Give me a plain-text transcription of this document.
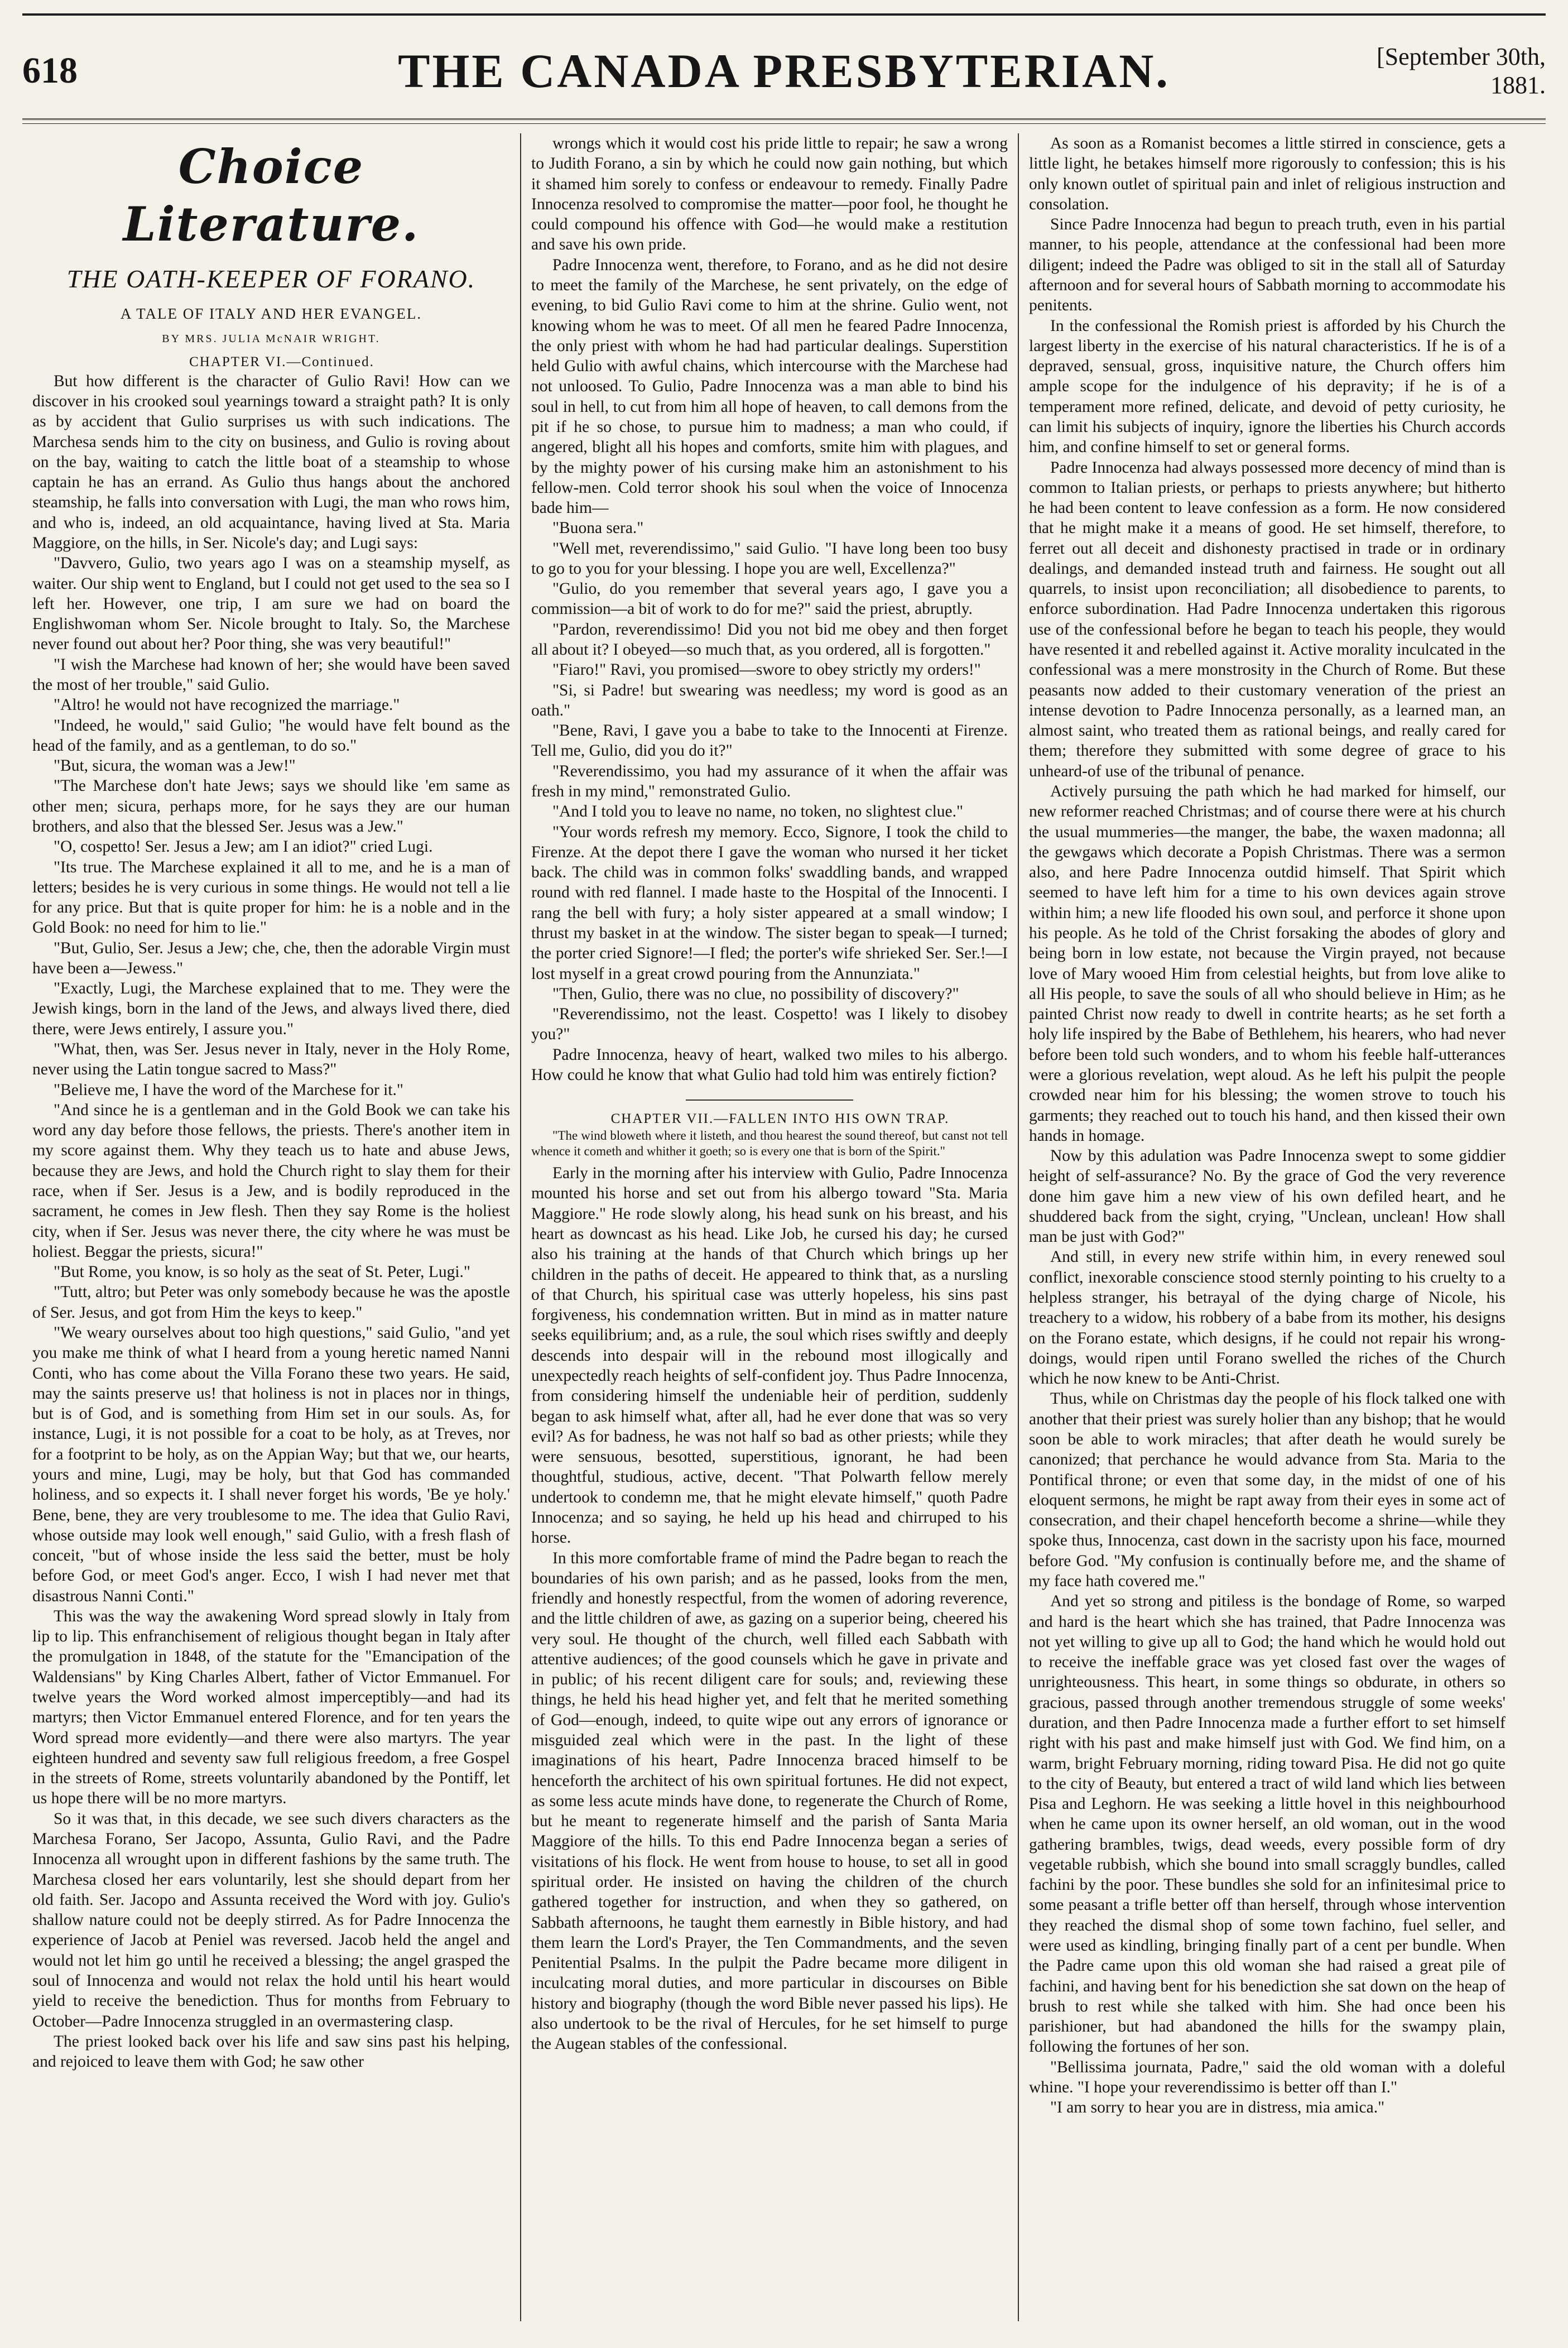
618	THE CANADA PRESBYTERIAN.	[September 30th, 1881.
Choice Literature.
THE OATH-KEEPER OF FORANO.
A TALE OF ITALY AND HER EVANGEL.
BY MRS. JULIA McNAIR WRIGHT.

CHAPTER VI.—Continued.

But how different is the character of Gulio Ravi! How can we discover in his crooked soul yearnings toward a straight path? It is only as by accident that Gulio surprises us with such indications. The Marchesa sends him to the city on business, and Gulio is roving about on the bay, waiting to catch the little boat of a steamship to whose captain he has an errand. As Gulio thus hangs about the anchored steamship, he falls into conversation with Lugi, the man who rows him, and who is, indeed, an old acquaintance, having lived at Sta. Maria Maggiore, on the hills, in Ser. Nicole's day; and Lugi says:

"Davvero, Gulio, two years ago I was on a steamship myself, as waiter. Our ship went to England, but I could not get used to the sea so I left her. However, one trip, I am sure we had on board the Englishwoman whom Ser. Nicole brought to Italy. So, the Marchese never found out about her? Poor thing, she was very beautiful!"

"I wish the Marchese had known of her; she would have been saved the most of her trouble," said Gulio.

"Altro! he would not have recognized the marriage."

"Indeed, he would," said Gulio; "he would have felt bound as the head of the family, and as a gentleman, to do so."

"But, sicura, the woman was a Jew!"

"The Marchese don't hate Jews; says we should like 'em same as other men; sicura, perhaps more, for he says they are our human brothers, and also that the blessed Ser. Jesus was a Jew."

"O, cospetto! Ser. Jesus a Jew; am I an idiot?" cried Lugi.

"Its true. The Marchese explained it all to me, and he is a man of letters; besides he is very curious in some things. He would not tell a lie for any price. But that is quite proper for him: he is a noble and in the Gold Book: no need for him to lie."

"But, Gulio, Ser. Jesus a Jew; che, che, then the adorable Virgin must have been a—Jewess."

"Exactly, Lugi, the Marchese explained that to me. They were the Jewish kings, born in the land of the Jews, and always lived there, died there, were Jews entirely, I assure you."

"What, then, was Ser. Jesus never in Italy, never in the Holy Rome, never using the Latin tongue sacred to Mass?"

"Believe me, I have the word of the Marchese for it."

"And since he is a gentleman and in the Gold Book we can take his word any day before those fellows, the priests. There's another item in my score against them. Why they teach us to hate and abuse Jews, because they are Jews, and hold the Church right to slay them for their race, when if Ser. Jesus is a Jew, and is bodily reproduced in the sacrament, he comes in Jew flesh. Then they say Rome is the holiest city, when if Ser. Jesus was never there, the city where he was must be holiest. Beggar the priests, sicura!"

"But Rome, you know, is so holy as the seat of St. Peter, Lugi."

"Tutt, altro; but Peter was only somebody because he was the apostle of Ser. Jesus, and got from Him the keys to keep."

"We weary ourselves about too high questions," said Gulio, "and yet you make me think of what I heard from a young heretic named Nanni Conti, who has come about the Villa Forano these two years. He said, may the saints preserve us! that holiness is not in places nor in things, but is of God, and is something from Him set in our souls. As, for instance, Lugi, it is not possible for a coat to be holy, as at Treves, nor for a footprint to be holy, as on the Appian Way; but that we, our hearts, yours and mine, Lugi, may be holy, but that God has commanded holiness, and so expects it. I shall never forget his words, 'Be ye holy.' Bene, bene, they are very troublesome to me. The idea that Gulio Ravi, whose outside may look well enough," said Gulio, with a fresh flash of conceit, "but of whose inside the less said the better, must be holy before God, or meet God's anger. Ecco, I wish I had never met that disastrous Nanni Conti."

This was the way the awakening Word spread slowly in Italy from lip to lip. This enfranchisement of religious thought began in Italy after the promulgation in 1848, of the statute for the "Emancipation of the Waldensians" by King Charles Albert, father of Victor Emmanuel. For twelve years the Word worked almost imperceptibly—and had its martyrs; then Victor Emmanuel entered Florence, and for ten years the Word spread more evidently—and there were also martyrs. The year eighteen hundred and seventy saw full religious freedom, a free Gospel in the streets of Rome, streets voluntarily abandoned by the Pontiff, let us hope there will be no more martyrs.

So it was that, in this decade, we see such divers characters as the Marchesa Forano, Ser Jacopo, Assunta, Gulio Ravi, and the Padre Innocenza all wrought upon in different fashions by the same truth. The Marchesa closed her ears voluntarily, lest she should depart from her old faith. Ser. Jacopo and Assunta received the Word with joy. Gulio's shallow nature could not be deeply stirred. As for Padre Innocenza the experience of Jacob at Peniel was reversed. Jacob held the angel and would not let him go until he received a blessing; the angel grasped the soul of Innocenza and would not relax the hold until his heart would yield to receive the benediction. Thus for months from February to October—Padre Innocenza struggled in an overmastering clasp.

The priest looked back over his life and saw sins past his helping, and rejoiced to leave them with God; he saw other

wrongs which it would cost his pride little to repair; he saw a wrong to Judith Forano, a sin by which he could now gain nothing, but which it shamed him sorely to confess or endeavour to remedy. Finally Padre Innocenza resolved to compromise the matter—poor fool, he thought he could compound his offence with God—he would make a restitution and save his own pride.

Padre Innocenza went, therefore, to Forano, and as he did not desire to meet the family of the Marchese, he sent privately, on the edge of evening, to bid Gulio Ravi come to him at the shrine. Gulio went, not knowing whom he was to meet. Of all men he feared Padre Innocenza, the only priest with whom he had had particular dealings. Superstition held Gulio with awful chains, which intercourse with the Marchese had not unloosed. To Gulio, Padre Innocenza was a man able to bind his soul in hell, to cut from him all hope of heaven, to call demons from the pit if he so chose, to pursue him to madness; a man who could, if angered, blight all his hopes and comforts, smite him with plagues, and by the mighty power of his cursing make him an astonishment to his fellow-men. Cold terror shook his soul when the voice of Innocenza bade him—

"Buona sera."

"Well met, reverendissimo," said Gulio. "I have long been too busy to go to you for your blessing. I hope you are well, Excellenza?"

"Gulio, do you remember that several years ago, I gave you a commission—a bit of work to do for me?" said the priest, abruptly.

"Pardon, reverendissimo! Did you not bid me obey and then forget all about it? I obeyed—so much that, as you ordered, all is forgotten."

"Fiaro!" Ravi, you promised—swore to obey strictly my orders!"

"Si, si Padre! but swearing was needless; my word is good as an oath."

"Bene, Ravi, I gave you a babe to take to the Innocenti at Firenze. Tell me, Gulio, did you do it?"

"Reverendissimo, you had my assurance of it when the affair was fresh in my mind," remonstrated Gulio.

"And I told you to leave no name, no token, no slightest clue."

"Your words refresh my memory. Ecco, Signore, I took the child to Firenze. At the depot there I gave the woman who nursed it her ticket back. The child was in common folks' swaddling bands, and wrapped round with red flannel. I made haste to the Hospital of the Innocenti. I rang the bell with fury; a holy sister appeared at a small window; I thrust my basket in at the window. The sister began to speak—I turned; the porter cried Signore!—I fled; the porter's wife shrieked Ser. Ser.!—I lost myself in a great crowd pouring from the Annunziata."

"Then, Gulio, there was no clue, no possibility of discovery?"

"Reverendissimo, not the least. Cospetto! was I likely to disobey you?"

Padre Innocenza, heavy of heart, walked two miles to his albergo. How could he know that what Gulio had told him was entirely fiction?

CHAPTER VII.—FALLEN INTO HIS OWN TRAP.

"The wind bloweth where it listeth, and thou hearest the sound thereof, but canst not tell whence it cometh and whither it goeth; so is every one that is born of the Spirit."

Early in the morning after his interview with Gulio, Padre Innocenza mounted his horse and set out from his albergo toward "Sta. Maria Maggiore." He rode slowly along, his head sunk on his breast, and his heart as downcast as his head. Like Job, he cursed his day; he cursed also his training at the hands of that Church which brings up her children in the paths of deceit. He appeared to think that, as a nursling of that Church, his spiritual case was utterly hopeless, his sins past forgiveness, his condemnation written. But in mind as in matter nature seeks equilibrium; and, as a rule, the soul which rises swiftly and deeply descends into despair will in the rebound most illogically and unexpectedly reach heights of self-confident joy. Thus Padre Innocenza, from considering himself the undeniable heir of perdition, suddenly began to ask himself what, after all, had he ever done that was so very evil? As for badness, he was not half so bad as other priests; while they were sensuous, besotted, superstitious, ignorant, he had been thoughtful, studious, active, decent. "That Polwarth fellow merely undertook to condemn me, that he might elevate himself," quoth Padre Innocenza; and so saying, he held up his head and chirruped to his horse.

In this more comfortable frame of mind the Padre began to reach the boundaries of his own parish; and as he passed, looks from the men, friendly and honestly respectful, from the women of adoring reverence, and the little children of awe, as gazing on a superior being, cheered his very soul. He thought of the church, well filled each Sabbath with attentive audiences; of the good counsels which he gave in private and in public; of his recent diligent care for souls; and, reviewing these things, he held his head higher yet, and felt that he merited something of God—enough, indeed, to quite wipe out any errors of ignorance or misguided zeal which were in the past. In the light of these imaginations of his heart, Padre Innocenza braced himself to be henceforth the architect of his own spiritual fortunes. He did not expect, as some less acute minds have done, to regenerate the Church of Rome, but he meant to regenerate himself and the parish of Santa Maria Maggiore of the hills. To this end Padre Innocenza began a series of visitations of his flock. He went from house to house, to set all in good spiritual order. He insisted on having the children of the church gathered together for instruction, and when they so gathered, on Sabbath afternoons, he taught them earnestly in Bible history, and had them learn the Lord's Prayer, the Ten Commandments, and the seven Penitential Psalms. In the pulpit the Padre became more diligent in inculcating moral duties, and more particular in discourses on Bible history and biography (though the word Bible never passed his lips). He also undertook to be the rival of Hercules, for he set himself to purge the Augean stables of the confessional.

As soon as a Romanist becomes a little stirred in conscience, gets a little light, he betakes himself more rigorously to confession; this is his only known outlet of spiritual pain and inlet of religious instruction and consolation.

Since Padre Innocenza had begun to preach truth, even in his partial manner, to his people, attendance at the confessional had been more diligent; indeed the Padre was obliged to sit in the stall all of Saturday afternoon and for several hours of Sabbath morning to accommodate his penitents.

In the confessional the Romish priest is afforded by his Church the largest liberty in the exercise of his natural characteristics. If he is of a depraved, sensual, gross, inquisitive nature, the Church offers him ample scope for the indulgence of his depravity; if he is of a temperament more refined, delicate, and devoid of petty curiosity, he can limit his subjects of inquiry, ignore the liberties his Church accords him, and confine himself to set or general forms.

Padre Innocenza had always possessed more decency of mind than is common to Italian priests, or perhaps to priests anywhere; but hitherto he had been content to leave confession as a form. He now considered that he might make it a means of good. He set himself, therefore, to ferret out all deceit and dishonesty practised in trade or in ordinary dealings, and demanded instead truth and fairness. He sought out all quarrels, to insist upon reconciliation; all disobedience to parents, to enforce subordination. Had Padre Innocenza undertaken this rigorous use of the confessional before he began to teach his people, they would have resented it and rebelled against it. Active morality inculcated in the confessional was a mere monstrosity in the Church of Rome. But these peasants now added to their customary veneration of the priest an intense devotion to Padre Innocenza personally, as a learned man, an almost saint, who treated them as rational beings, and really cared for them; therefore they submitted with some degree of grace to his unheard-of use of the tribunal of penance.

Actively pursuing the path which he had marked for himself, our new reformer reached Christmas; and of course there were at his church the usual mummeries—the manger, the babe, the waxen madonna; all the gewgaws which decorate a Popish Christmas. There was a sermon also, and here Padre Innocenza outdid himself. That Spirit which seemed to have left him for a time to his own devices again strove within him; a new life flooded his own soul, and perforce it shone upon his people. As he told of the Christ forsaking the abodes of glory and being born in low estate, not because the Virgin prayed, not because love of Mary wooed Him from celestial heights, but from love alike to all His people, to save the souls of all who should believe in Him; as he painted Christ now ready to dwell in contrite hearts; as he set forth a holy life inspired by the Babe of Bethlehem, his hearers, who had never before been told such wonders, and to whom his feeble half-utterances were a glorious revelation, wept aloud. As he left his pulpit the people crowded near him for his blessing; the women strove to touch his garments; they reached out to touch his hand, and then kissed their own hands in homage.

Now by this adulation was Padre Innocenza swept to some giddier height of self-assurance? No. By the grace of God the very reverence done him gave him a new view of his own defiled heart, and he shuddered back from the sight, crying, "Unclean, unclean! How shall man be just with God?"

And still, in every new strife within him, in every renewed soul conflict, inexorable conscience stood sternly pointing to his cruelty to a helpless stranger, his betrayal of the dying charge of Nicole, his treachery to a widow, his robbery of a babe from its mother, his designs on the Forano estate, which designs, if he could not repair his wrong-doings, would ripen until Forano swelled the riches of the Church which he now knew to be Anti-Christ.

Thus, while on Christmas day the people of his flock talked one with another that their priest was surely holier than any bishop; that he would soon be able to work miracles; that after death he would surely be canonized; that perchance he would advance from Sta. Maria to the Pontifical throne; or even that some day, in the midst of one of his eloquent sermons, he might be rapt away from their eyes in some act of consecration, and their chapel henceforth become a shrine—while they spoke thus, Innocenza, cast down in the sacristy upon his face, mourned before God. "My confusion is continually before me, and the shame of my face hath covered me."

And yet so strong and pitiless is the bondage of Rome, so warped and hard is the heart which she has trained, that Padre Innocenza was not yet willing to give up all to God; the hand which he would hold out to receive the ineffable grace was yet closed fast over the wages of unrighteousness. This heart, in some things so obdurate, in others so gracious, passed through another tremendous struggle of some weeks' duration, and then Padre Innocenza made a further effort to set himself right with his past and make himself just with God. We find him, on a warm, bright February morning, riding toward Pisa. He did not go quite to the city of Beauty, but entered a tract of wild land which lies between Pisa and Leghorn. He was seeking a little hovel in this neighbourhood when he came upon its owner herself, an old woman, out in the wood gathering brambles, twigs, dead weeds, every possible form of dry vegetable rubbish, which she bound into small scraggly bundles, called fachini by the poor. These bundles she sold for an infinitesimal price to some peasant a trifle better off than herself, through whose intervention they reached the dismal shop of some town fachino, fuel seller, and were used as kindling, bringing finally part of a cent per bundle. When the Padre came upon this old woman she had raised a great pile of fachini, and having bent for his benediction she sat down on the heap of brush to rest while she talked with him. She had once been his parishioner, but had abandoned the hills for the swampy plain, following the fortunes of her son.

"Bellissima journata, Padre," said the old woman with a doleful whine. "I hope your reverendissimo is better off than I."

"I am sorry to hear you are in distress, mia amica."
